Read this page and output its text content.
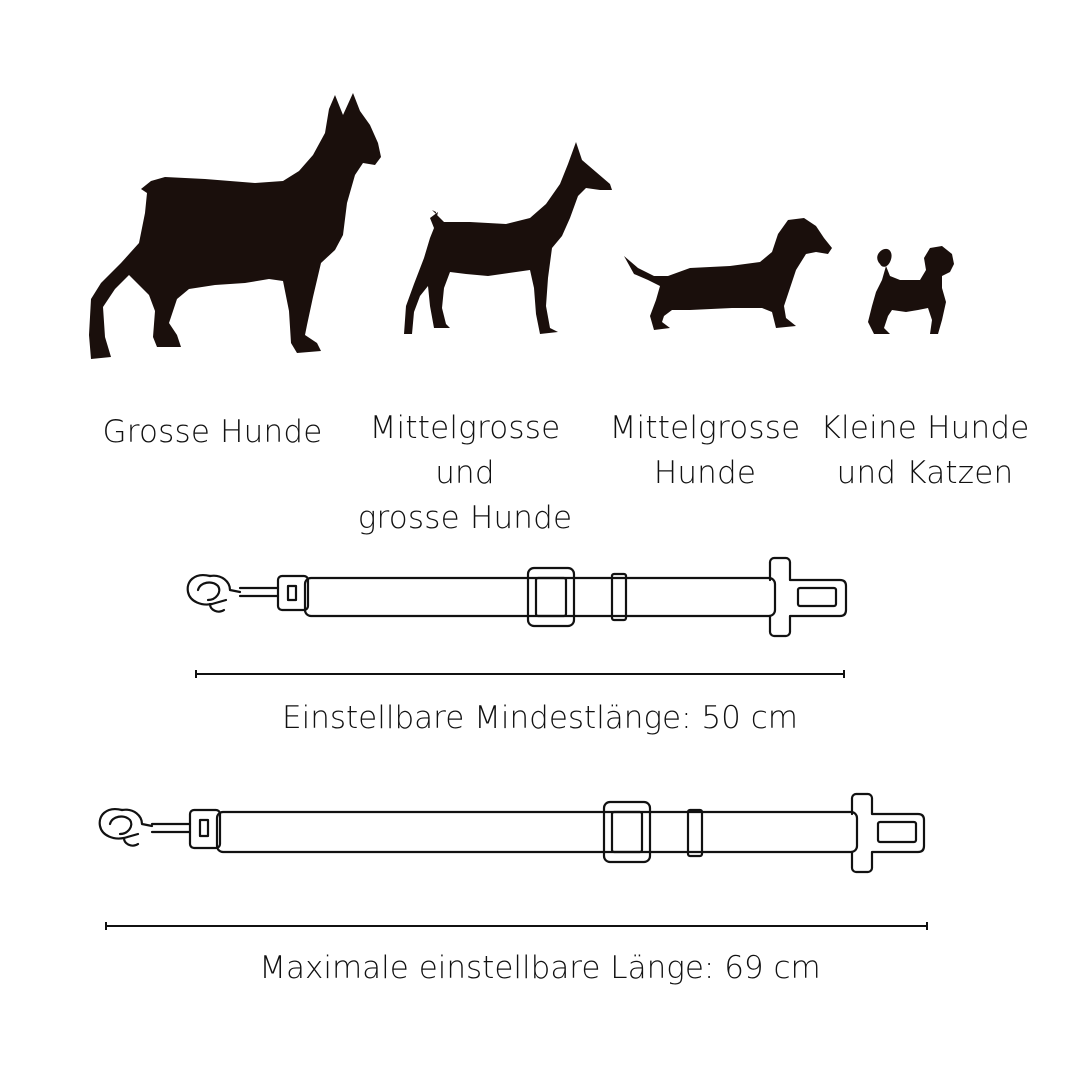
Grosse Hunde	Mittelgrosse und
grosse Hunde
Mittelgrosse
Hunde
Kleine Hunde
und Katzen
Einstellbare Mindestlänge: 50 cm
Maximale einstellbare Länge: 69 cm
